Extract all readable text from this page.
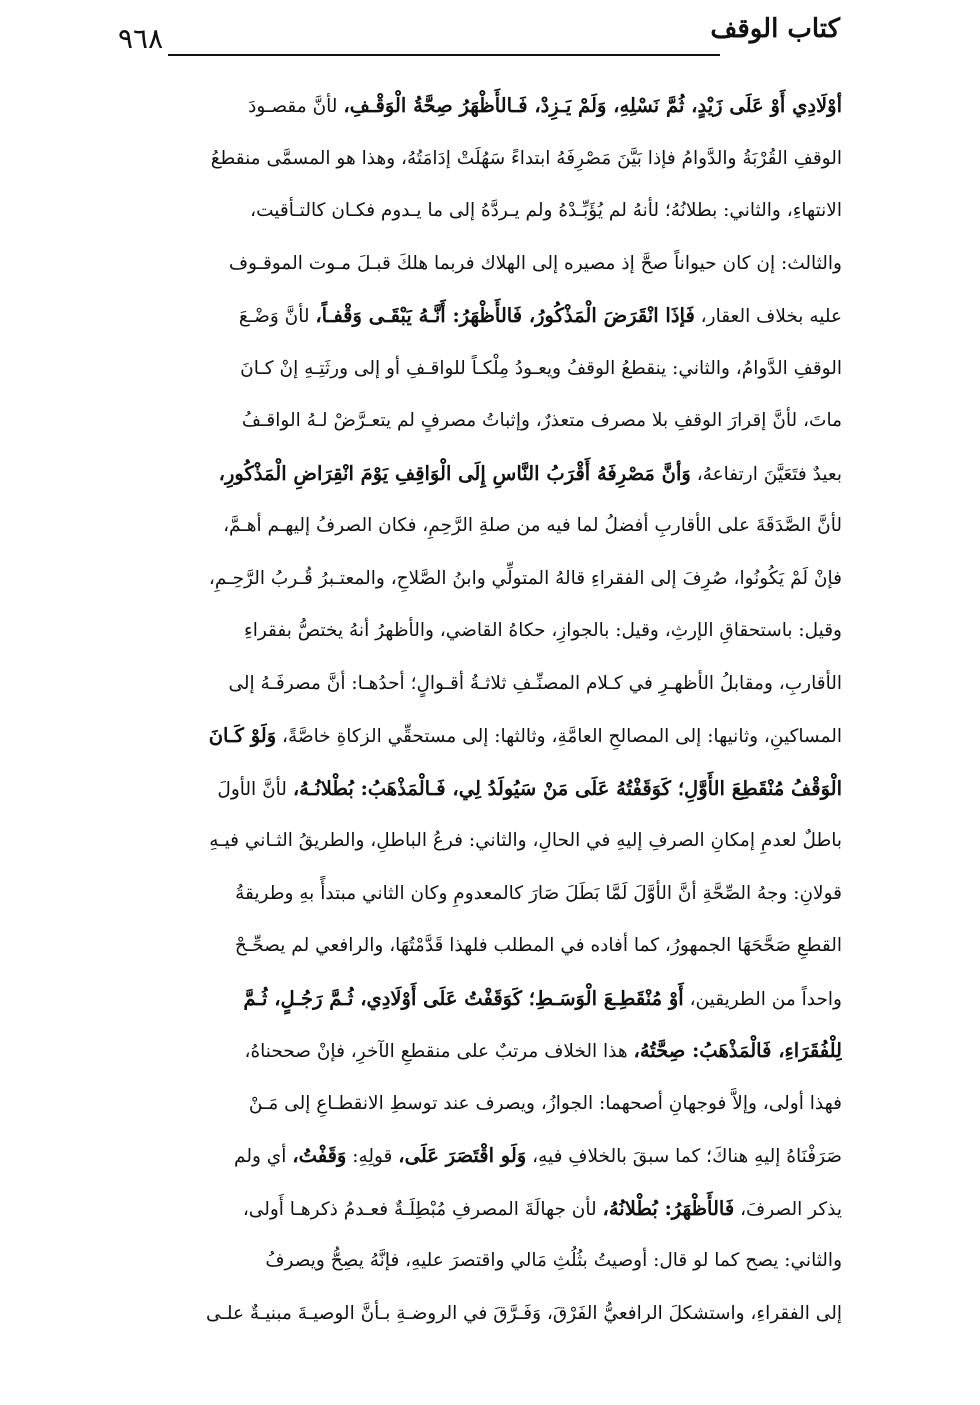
كتاب الوقف
٩٦٨
أوْلَادِي أَوْ عَلَى زَيْدٍ، ثُمَّ نَسْلِهِ، وَلَمْ يَـزِدْ، فَـالأَظْهَرُ صِحَّةُ الْوَقْـفِ، لأنَّ مقصـودَ
الوقفِ القُرْبَةُ والدَّوامُ فإذا بَيَّنَ مَصْرِفَهُ ابتداءً سَهُلَتْ إدَامَتُهُ، وهذا هو المسمَّى منقطعُ
الانتهاءِ، والثاني: بطلانُهُ؛ لأنهُ لم يُؤَبِّـدْهُ ولم يـردَّهُ إلى ما يـدوم فكـان كالتـأقيت،
والثالث: إن كان حيواناً صحَّ إذ مصيره إلى الهلاك فربما هلكَ قبـلَ مـوت الموقـوف
عليه بخلاف العقار، فَإذَا انْقَرَضَ الْمَذْكُورُ، فَالأَظْهَرُ: أَنَّـهُ يَبْقَـى وَقْفـاً، لأنَّ وَضْـعَ
الوقفِ الدَّوامُ، والثاني: ينقطعُ الوقفُ ويعـودُ مِلْكـاً للواقـفِ أو إلى ورثَتِـهِ إنْ كـانَ
ماتَ، لأنَّ إقرارَ الوقفِ بلا مصرف متعذرٌ، وإثباتُ مصرفٍ لم يتعـرَّضْ لـهُ الواقـفُ
بعيدٌ فتَعَيَّنَ ارتفاعهُ، وَأنَّ مَصْرِفَهُ أَقْرَبُ النَّاسِ إِلَى الْوَاقِفِ يَوْمَ انْقِرَاضِ الْمَذْكُورِ،
لأنَّ الصَّدَقَةَ على الأقاربِ أفضلُ لما فيه من صلةِ الرَّحِمِ، فكان الصرفُ إليهـم أهـمَّ،
فإنْ لَمْ يَكُونُوا، صُرِفَ إلى الفقراءِ قالهُ المتولِّي وابنُ الصَّلاحِ، والمعتـبرُ قُـربُ الرَّحِـمِ،
وقيل: باستحقاقِ الإرثِ، وقيل: بالجوازِ، حكاهُ القاضي، والأظهرُ أنهُ يختصُّ بفقراءِ
الأقاربِ، ومقابلُ الأظهـرِ في كـلام المصنِّـفِ ثلاثـةُ أقـوالٍ؛ أحدُهـا: أنَّ مصرفَـهُ إلى
المساكينِ، وثانيها: إلى المصالحِ العامَّةِ، وثالثها: إلى مستحقِّي الزكاةِ خاصَّةً، وَلَوْ كَـانَ
الْوَقْفُ مُنْقَطِعَ الأَوَّلِ؛ كَوَقَفْتُهُ عَلَى مَنْ سَيُولَدُ لِي، فَـالْمَذْهَبُ: بُطْلانُـهُ، لأنَّ الأولَ
باطلٌ لعدمِ إمكانِ الصرفِ إليهِ في الحالِ، والثاني: فرعُ الباطلِ، والطريقُ الثـاني فيـهِ
قولانِ: وجهُ الصِّحَّةِ أنَّ الأوَّلَ لَمَّا بَطَلَ صَارَ كالمعدومِ وكان الثاني مبتدأً بهِ وطريقةُ
القطعِ صَحَّحَهَا الجمهورُ، كما أفاده في المطلب فلهذا قَدَّمْتُهَا، والرافعي لم يصحِّـحْ
واحداً من الطريقين، أَوْ مُنْقَطِـعَ الْوَسَـطِ؛ كَوَقَفْتُ عَلَى أَوْلَادِي، ثُـمَّ رَجُـلٍ، ثُـمَّ
لِلْفُقَرَاءِ، فَالْمَذْهَبُ: صِحَّتُهُ، هذا الخلاف مرتبٌ على منقطعِ الآخرِ، فإنْ صححناهُ،
فهذا أولى، وإلاَّ فوجهانِ أصحهما: الجوازُ، ويصرف عند توسطِ الانقطـاعِ إلى مَـنْ
صَرَفْنَاهُ إليهِ هناكَ؛ كما سبقَ بالخلافِ فيهِ، وَلَو اقْتَصَرَ عَلَى، قولِهِ: وَقَفْتُ، أي ولم
يذكر الصرفَ، فَالأَظْهَرُ: بُطْلانُهُ، لأن جهالَةَ المصرفِ مُبْطِلَـةٌ فعـدمُ ذكرهـا أَولى،
والثاني: يصح كما لو قال: أوصيتُ بثُلُثِ مَالي واقتصرَ عليهِ، فإنَّهُ يصِحُّ ويصرفُ
إلى الفقراءِ، واستشكلَ الرافعيُّ الفَرْقَ، وَفَـرَّقَ في الروضـةِ بـأنَّ الوصيـةَ مبنيـةٌ علـى
